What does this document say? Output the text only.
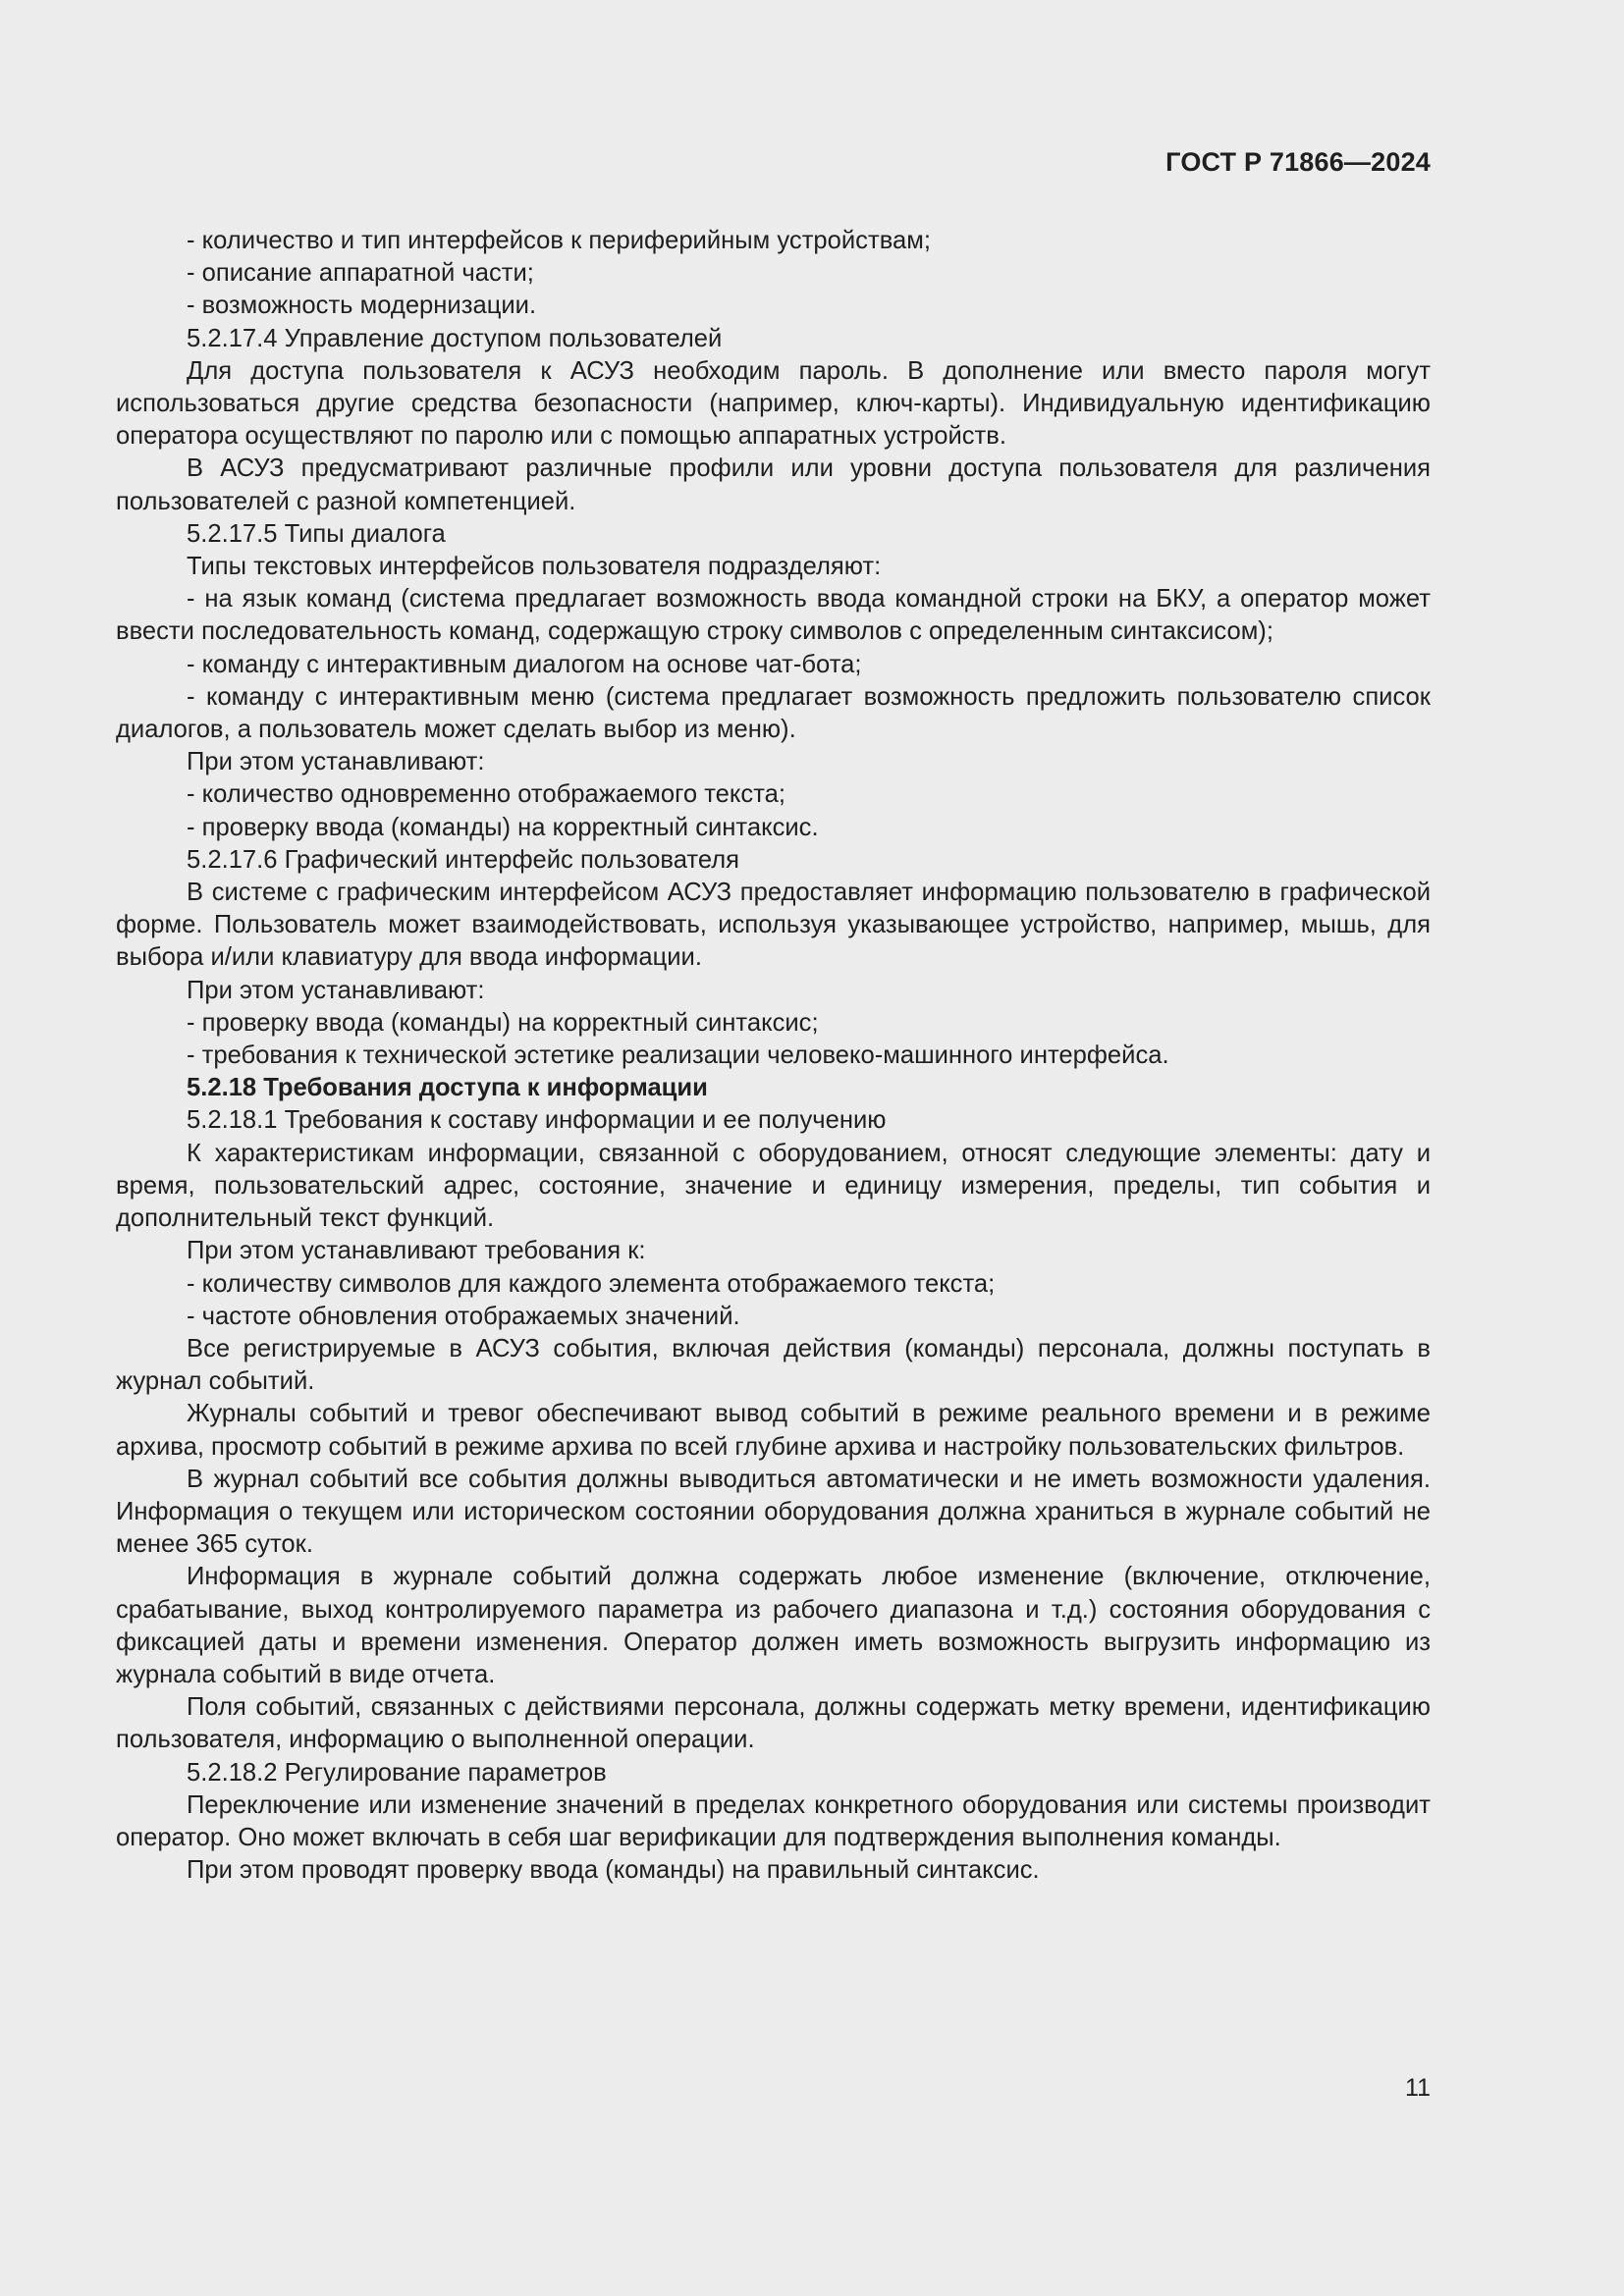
ГОСТ Р 71866—2024

- количество и тип интерфейсов к периферийным устройствам;

- описание аппаратной части;

- возможность модернизации.

5.2.17.4 Управление доступом пользователей

Для доступа пользователя к АСУЗ необходим пароль. В дополнение или вместо пароля могут использоваться другие средства безопасности (например, ключ-карты). Индивидуальную идентификацию оператора осуществляют по паролю или с помощью аппаратных устройств.

В АСУЗ предусматривают различные профили или уровни доступа пользователя для различения пользователей с разной компетенцией.

5.2.17.5 Типы диалога

Типы текстовых интерфейсов пользователя подразделяют:

- на язык команд (система предлагает возможность ввода командной строки на БКУ, а оператор может ввести последовательность команд, содержащую строку символов с определенным синтаксисом);

- команду с интерактивным диалогом на основе чат-бота;

- команду с интерактивным меню (система предлагает возможность предложить пользователю список диалогов, а пользователь может сделать выбор из меню).

При этом устанавливают:

- количество одновременно отображаемого текста;

- проверку ввода (команды) на корректный синтаксис.

5.2.17.6 Графический интерфейс пользователя

В системе с графическим интерфейсом АСУЗ предоставляет информацию пользователю в графической форме. Пользователь может взаимодействовать, используя указывающее устройство, например, мышь, для выбора и/или клавиатуру для ввода информации.

При этом устанавливают:

- проверку ввода (команды) на корректный синтаксис;

- требования к технической эстетике реализации человеко-машинного интерфейса.

5.2.18 Требования доступа к информации

5.2.18.1 Требования к составу информации и ее получению

К характеристикам информации, связанной с оборудованием, относят следующие элементы: дату и время, пользовательский адрес, состояние, значение и единицу измерения, пределы, тип события и дополнительный текст функций.

При этом устанавливают требования к:

- количеству символов для каждого элемента отображаемого текста;

- частоте обновления отображаемых значений.

Все регистрируемые в АСУЗ события, включая действия (команды) персонала, должны поступать в журнал событий.

Журналы событий и тревог обеспечивают вывод событий в режиме реального времени и в режиме архива, просмотр событий в режиме архива по всей глубине архива и настройку пользовательских фильтров.

В журнал событий все события должны выводиться автоматически и не иметь возможности удаления. Информация о текущем или историческом состоянии оборудования должна храниться в журнале событий не менее 365 суток.

Информация в журнале событий должна содержать любое изменение (включение, отключение, срабатывание, выход контролируемого параметра из рабочего диапазона и т.д.) состояния оборудования с фиксацией даты и времени изменения. Оператор должен иметь возможность выгрузить информацию из журнала событий в виде отчета.

Поля событий, связанных с действиями персонала, должны содержать метку времени, идентификацию пользователя, информацию о выполненной операции.

5.2.18.2 Регулирование параметров

Переключение или изменение значений в пределах конкретного оборудования или системы производит оператор. Оно может включать в себя шаг верификации для подтверждения выполнения команды.

При этом проводят проверку ввода (команды) на правильный синтаксис.

11
